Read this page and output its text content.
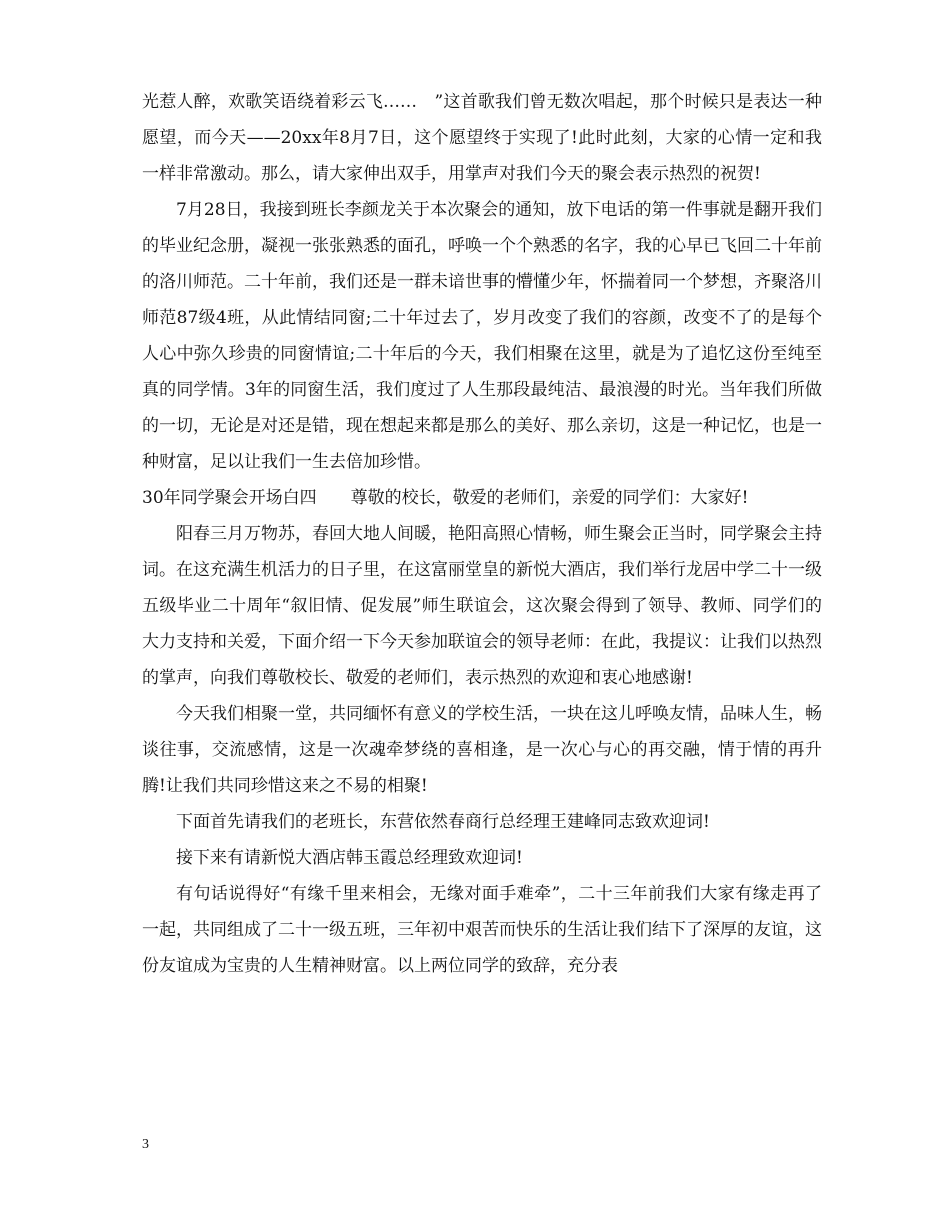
光惹人醉，欢歌笑语绕着彩云飞……　”这首歌我们曾无数次唱起，那个时候只是表达一种愿望，而今天——20xx年8月7日，这个愿望终于实现了!此时此刻，大家的心情一定和我一样非常激动。那么，请大家伸出双手，用掌声对我们今天的聚会表示热烈的祝贺!

7月28日，我接到班长李颜龙关于本次聚会的通知，放下电话的第一件事就是翻开我们的毕业纪念册，凝视一张张熟悉的面孔，呼唤一个个熟悉的名字，我的心早已飞回二十年前的洛川师范。二十年前，我们还是一群未谙世事的懵懂少年，怀揣着同一个梦想，齐聚洛川师范87级4班，从此情结同窗;二十年过去了，岁月改变了我们的容颜，改变不了的是每个人心中弥久珍贵的同窗情谊;二十年后的今天，我们相聚在这里，就是为了追忆这份至纯至真的同学情。3年的同窗生活，我们度过了人生那段最纯洁、最浪漫的时光。当年我们所做的一切，无论是对还是错，现在想起来都是那么的美好、那么亲切，这是一种记忆，也是一种财富，足以让我们一生去倍加珍惜。

30年同学聚会开场白四　　尊敬的校长，敬爱的老师们，亲爱的同学们：大家好!

阳春三月万物苏，春回大地人间暖，艳阳高照心情畅，师生聚会正当时，同学聚会主持词。在这充满生机活力的日子里，在这富丽堂皇的新悦大酒店，我们举行龙居中学二十一级五级毕业二十周年“叙旧情、促发展”师生联谊会，这次聚会得到了领导、教师、同学们的大力支持和关爱，下面介绍一下今天参加联谊会的领导老师：在此，我提议：让我们以热烈的掌声，向我们尊敬校长、敬爱的老师们，表示热烈的欢迎和衷心地感谢!

今天我们相聚一堂，共同缅怀有意义的学校生活，一块在这儿呼唤友情，品味人生，畅谈往事，交流感情，这是一次魂牵梦绕的喜相逢，是一次心与心的再交融，情于情的再升腾!让我们共同珍惜这来之不易的相聚!

下面首先请我们的老班长，东营依然春商行总经理王建峰同志致欢迎词!

接下来有请新悦大酒店韩玉霞总经理致欢迎词!

有句话说得好“有缘千里来相会，无缘对面手难牵”，二十三年前我们大家有缘走再了一起，共同组成了二十一级五班，三年初中艰苦而快乐的生活让我们结下了深厚的友谊，这份友谊成为宝贵的人生精神财富。以上两位同学的致辞，充分表

3
